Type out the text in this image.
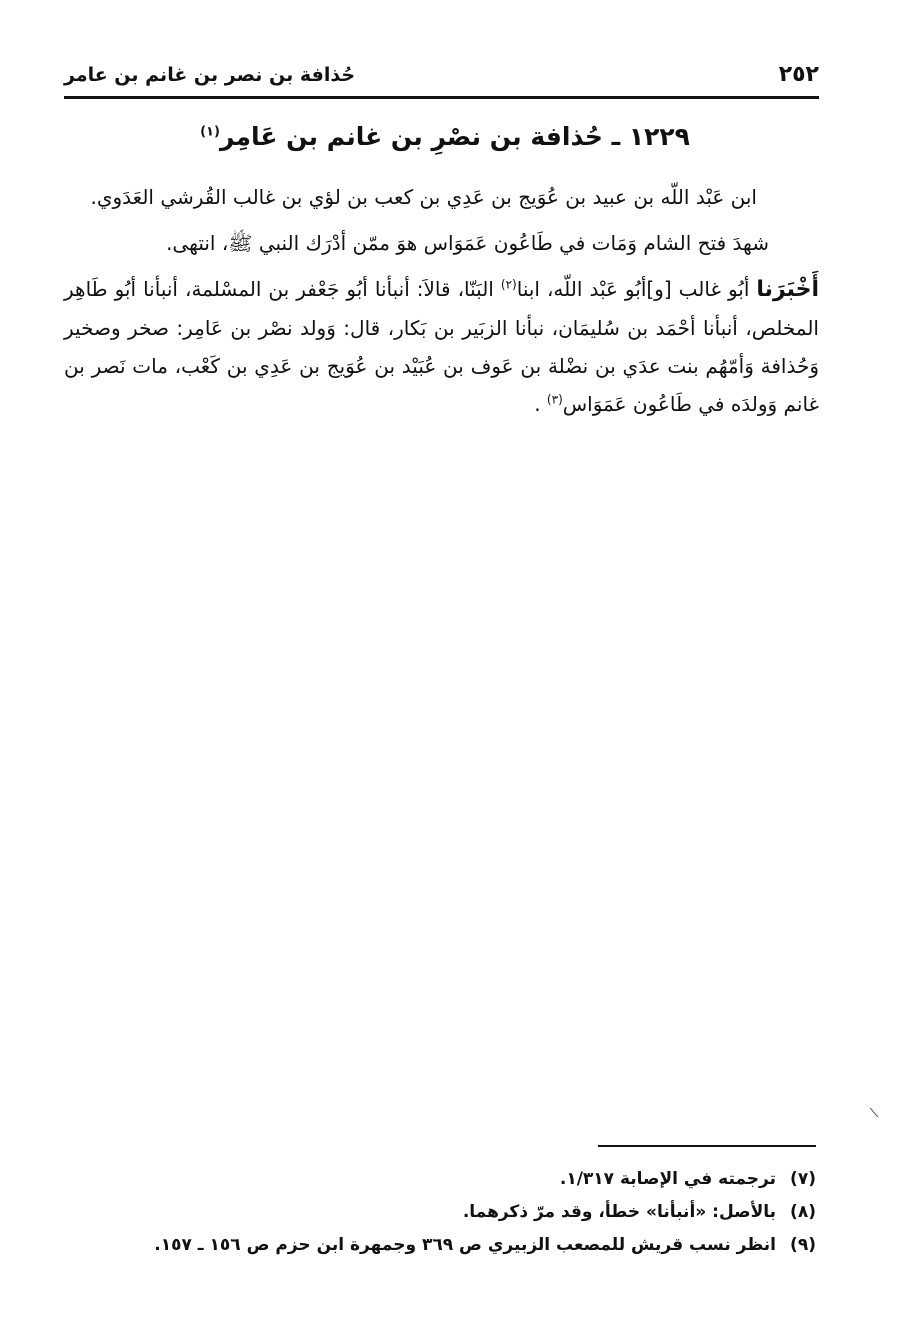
٢٥٢
حُذافة بن نصر بن غانم بن عامر
١٢٢٩ ـ حُذافة بن نصْرِ بن غانم بن عَامِر$^{(١)}$

ابن عَبْد اللّه بن عبيد بن عُوَيج بن عَدِي بن كعب بن لؤي بن غالب القُرشي العَدَوي.

شهدَ فتح الشام وَمَات في طَاعُون عَمَوَاس هوَ ممّن أدْرَك النبي ﷺ، انتهى.

أَخْبَرَنا أبُو غالب [و]أبُو عَبْد اللّه، ابنا$^{(٢)}$ البَنّا، قالاَ: أنبأنا أبُو جَعْفر بن المسْلمة، أنبأنا أبُو طَاهِر المخلص، أنبأنا أحْمَد بن سُليمَان، نبأنا الزبَير بن بَكار، قال: وَولد نصْر بن عَامِر: صخر وصخير وَحُذافة وَأمّهُم بنت عدَي بن نضْلة بن عَوف بن عُبَيْد بن عُوَيج بن عَدِي بن كَعْب، مات نَصر بن غانم وَولدَه في طَاعُون عَمَوَاس$^{(٣)}$ .

(٧)ترجمته في الإصابة ١/٣١٧.
(٨)بالأصل: «أنبأنا» خطأ، وقد مرّ ذكرهما.
(٩)انظر نسب قريش للمصعب الزبيري ص ٣٦٩ وجمهرة ابن حزم ص ١٥٦ ـ ١٥٧.
